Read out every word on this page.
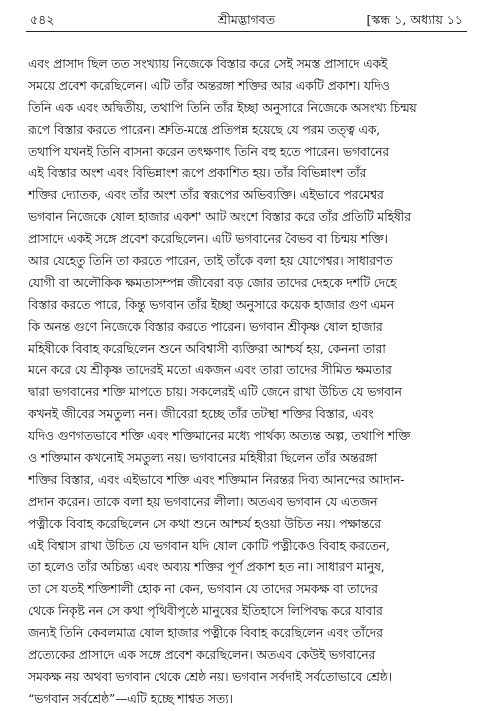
৫৪২	শ্রীমদ্ভাগবত	[স্কন্ধ ১, অধ্যায় ১১
এবং প্রাসাদ ছিল তত সংখ্যায় নিজেকে বিস্তার করে সেই সমস্ত প্রাসাদে একই
সময়ে প্রবেশ করেছিলেন। এটি তাঁর অন্তরঙ্গা শক্তির আর একটি প্রকাশ। যদিও
তিনি এক এবং অদ্বিতীয়, তথাপি তিনি তাঁর ইচ্ছা অনুসারে নিজেকে অসংখ্য চিন্ময়
রূপে বিস্তার করতে পারেন। শ্রুতি-মন্ত্রে প্রতিপন্ন হয়েছে যে পরম তত্ত্ব এক,
তথাপি যখনই তিনি বাসনা করেন তৎক্ষণাৎ তিনি বহু হতে পারেন। ভগবানের
এই বিস্তার অংশ এবং বিভিন্নাংশ রূপে প্রকাশিত হয়। তাঁর বিভিন্নাংশ তাঁর
শক্তির দ্যোতক, এবং তাঁর অংশ তাঁর স্বরূপের অভিব্যক্তি। এইভাবে পরমেশ্বর
ভগবান নিজেকে ষোল হাজার একশ' আট অংশে বিস্তার করে তাঁর প্রতিটি মহিষীর
প্রাসাদে একই সঙ্গে প্রবেশ করেছিলেন। এটি ভগবানের বৈভব বা চিন্ময় শক্তি।
আর যেহেতু তিনি তা করতে পারেন, তাই তাঁকে বলা হয় যোগেশ্বর। সাধারণত
যোগী বা অলৌকিক ক্ষমতাসম্পন্ন জীবেরা বড় জোর তাদের দেহকে দশটি দেহে
বিস্তার করতে পারে, কিন্তু ভগবান তাঁর ইচ্ছা অনুসারে কয়েক হাজার গুণ এমন
কি অনন্ত গুণে নিজেকে বিস্তার করতে পারেন। ভগবান শ্রীকৃষ্ণ ষোল হাজার
মহিষীকে বিবাহ করেছিলেন শুনে অবিশ্বাসী ব্যক্তিরা আশ্চর্য হয়, কেননা তারা
মনে করে যে শ্রীকৃষ্ণ তাদেরই মতো একজন এবং তারা তাদের সীমিত ক্ষমতার
দ্বারা ভগবানের শক্তি মাপতে চায়। সকলেরই এটি জেনে রাখা উচিত যে ভগবান
কখনই জীবের সমতুল্য নন। জীবেরা হচ্ছে তাঁর তটস্থা শক্তির বিস্তার, এবং
যদিও গুণগতভাবে শক্তি এবং শক্তিমানের মধ্যে পার্থক্য অত্যন্ত অল্প, তথাপি শক্তি
ও শক্তিমান কখনোই সমতুল্য নয়। ভগবানের মহিষীরা ছিলেন তাঁর অন্তরঙ্গা
শক্তির বিস্তার, এবং এইভাবে শক্তি এবং শক্তিমান নিরন্তর দিব্য আনন্দের আদান-
প্রদান করেন। তাকে বলা হয় ভগবানের লীলা। অতএব ভগবান যে এতজন
পত্নীকে বিবাহ করেছিলেন সে কথা শুনে আশ্চর্য হওয়া উচিত নয়। পক্ষান্তরে
এই বিশ্বাস রাখা উচিত যে ভগবান যদি ষোল কোটি পত্নীকেও বিবাহ করতেন,
তা হলেও তাঁর অচিন্ত্য এবং অব্যয় শক্তির পূর্ণ প্রকাশ হত না। সাধারণ মানুষ,
তা সে যতই শক্তিশালী হোক না কেন, ভগবান যে তাদের সমকক্ষ বা তাদের
থেকে নিকৃষ্ট নন সে কথা পৃথিবীপৃষ্ঠে মানুষের ইতিহাসে লিপিবদ্ধ করে যাবার
জন্যই তিনি কেবলমাত্র ষোল হাজার পত্নীকে বিবাহ করেছিলেন এবং তাঁদের
প্রত্যেকের প্রাসাদে এক সঙ্গে প্রবেশ করেছিলেন। অতএব কেউই ভগবানের
সমকক্ষ নয় অথবা ভগবান থেকে শ্রেষ্ঠ নয়। ভগবান সর্বদাই সর্বতোভাবে শ্রেষ্ঠ।
“ভগবান সর্বশ্রেষ্ঠ”—এটি হচ্ছে শাশ্বত সত্য।
